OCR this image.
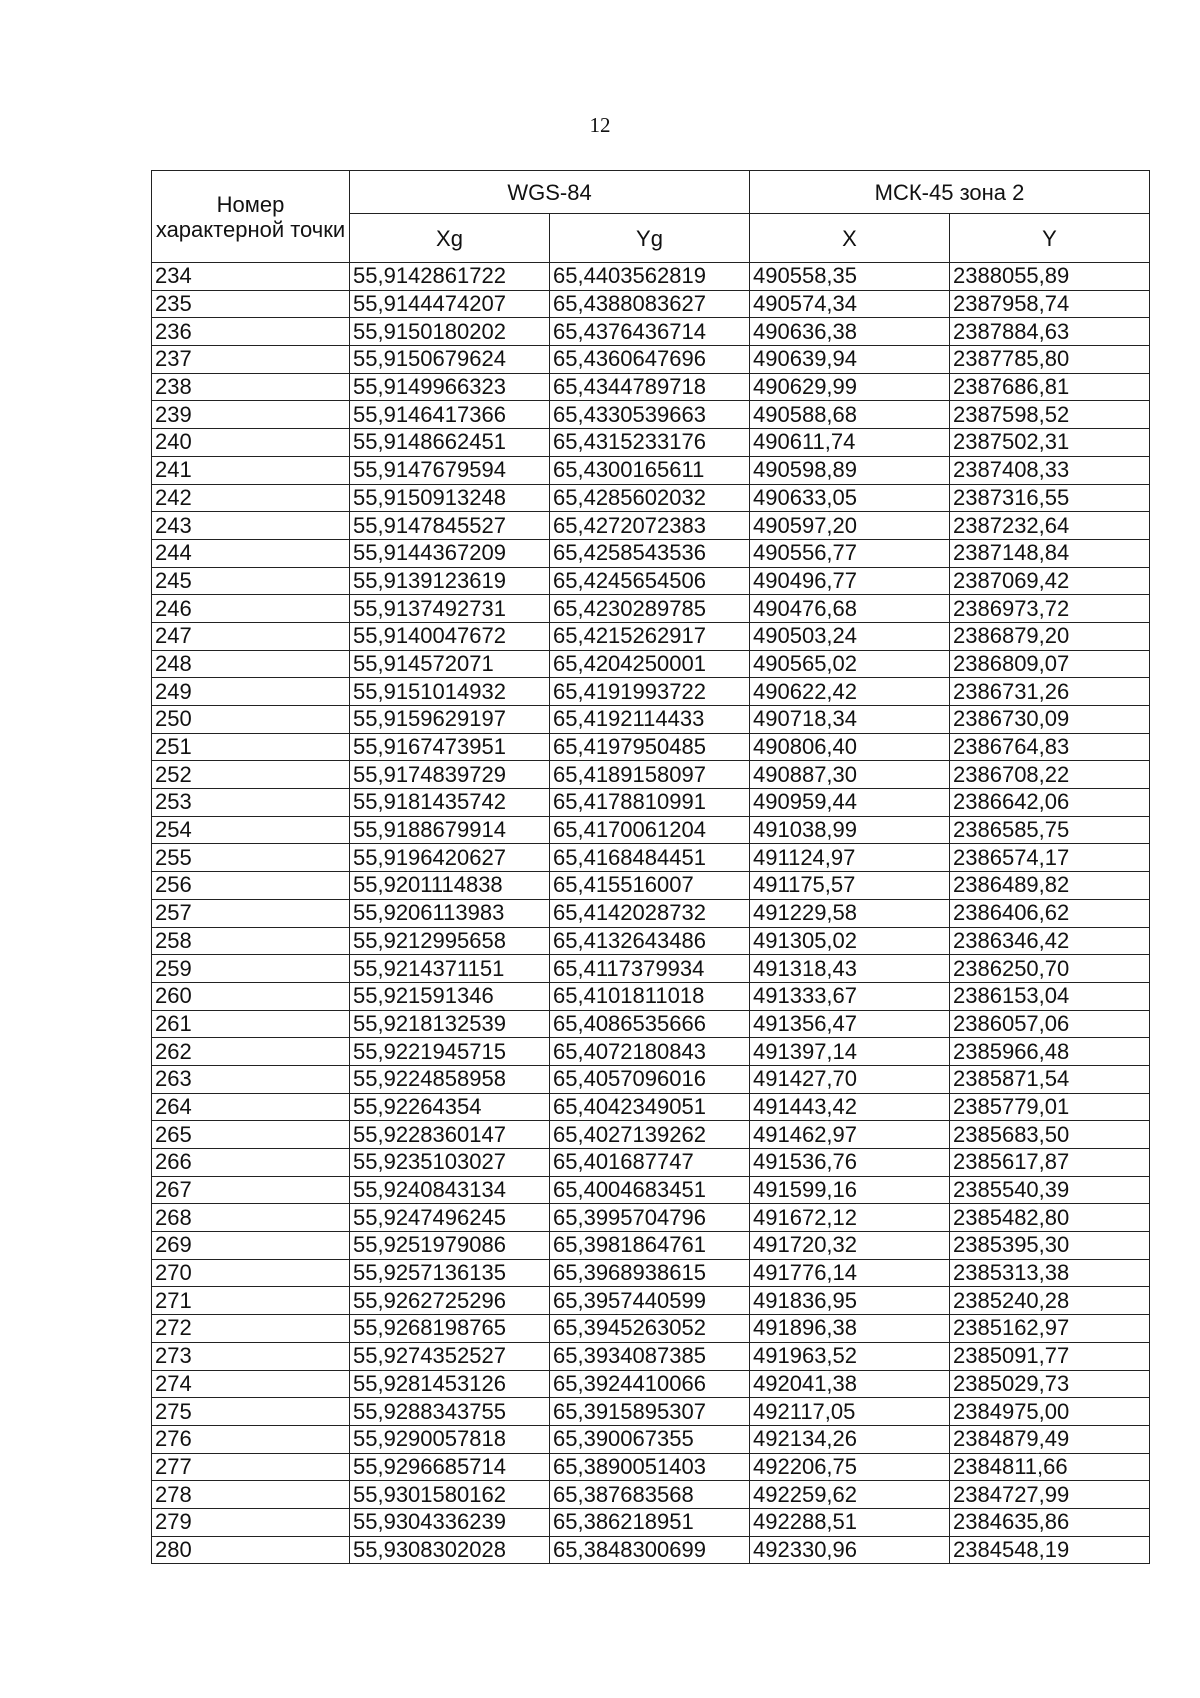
12
Номер характерной точки	WGS-84		МСК-45 зона 2	
	Xg	Yg	X	Y
234	55,9142861722	65,4403562819	490558,35	2388055,89
235	55,9144474207	65,4388083627	490574,34	2387958,74
236	55,9150180202	65,4376436714	490636,38	2387884,63
237	55,9150679624	65,4360647696	490639,94	2387785,80
238	55,9149966323	65,4344789718	490629,99	2387686,81
239	55,9146417366	65,4330539663	490588,68	2387598,52
240	55,9148662451	65,4315233176	490611,74	2387502,31
241	55,9147679594	65,4300165611	490598,89	2387408,33
242	55,9150913248	65,4285602032	490633,05	2387316,55
243	55,9147845527	65,4272072383	490597,20	2387232,64
244	55,9144367209	65,4258543536	490556,77	2387148,84
245	55,9139123619	65,4245654506	490496,77	2387069,42
246	55,9137492731	65,4230289785	490476,68	2386973,72
247	55,9140047672	65,4215262917	490503,24	2386879,20
248	55,914572071	65,4204250001	490565,02	2386809,07
249	55,9151014932	65,4191993722	490622,42	2386731,26
250	55,9159629197	65,4192114433	490718,34	2386730,09
251	55,9167473951	65,4197950485	490806,40	2386764,83
252	55,9174839729	65,4189158097	490887,30	2386708,22
253	55,9181435742	65,4178810991	490959,44	2386642,06
254	55,9188679914	65,4170061204	491038,99	2386585,75
255	55,9196420627	65,4168484451	491124,97	2386574,17
256	55,9201114838	65,415516007	491175,57	2386489,82
257	55,9206113983	65,4142028732	491229,58	2386406,62
258	55,9212995658	65,4132643486	491305,02	2386346,42
259	55,9214371151	65,4117379934	491318,43	2386250,70
260	55,921591346	65,4101811018	491333,67	2386153,04
261	55,9218132539	65,4086535666	491356,47	2386057,06
262	55,9221945715	65,4072180843	491397,14	2385966,48
263	55,9224858958	65,4057096016	491427,70	2385871,54
264	55,92264354	65,4042349051	491443,42	2385779,01
265	55,9228360147	65,4027139262	491462,97	2385683,50
266	55,9235103027	65,401687747	491536,76	2385617,87
267	55,9240843134	65,4004683451	491599,16	2385540,39
268	55,9247496245	65,3995704796	491672,12	2385482,80
269	55,9251979086	65,3981864761	491720,32	2385395,30
270	55,9257136135	65,3968938615	491776,14	2385313,38
271	55,9262725296	65,3957440599	491836,95	2385240,28
272	55,9268198765	65,3945263052	491896,38	2385162,97
273	55,9274352527	65,3934087385	491963,52	2385091,77
274	55,9281453126	65,3924410066	492041,38	2385029,73
275	55,9288343755	65,3915895307	492117,05	2384975,00
276	55,9290057818	65,390067355	492134,26	2384879,49
277	55,9296685714	65,3890051403	492206,75	2384811,66
278	55,9301580162	65,387683568	492259,62	2384727,99
279	55,9304336239	65,386218951	492288,51	2384635,86
280	55,9308302028	65,3848300699	492330,96	2384548,19
